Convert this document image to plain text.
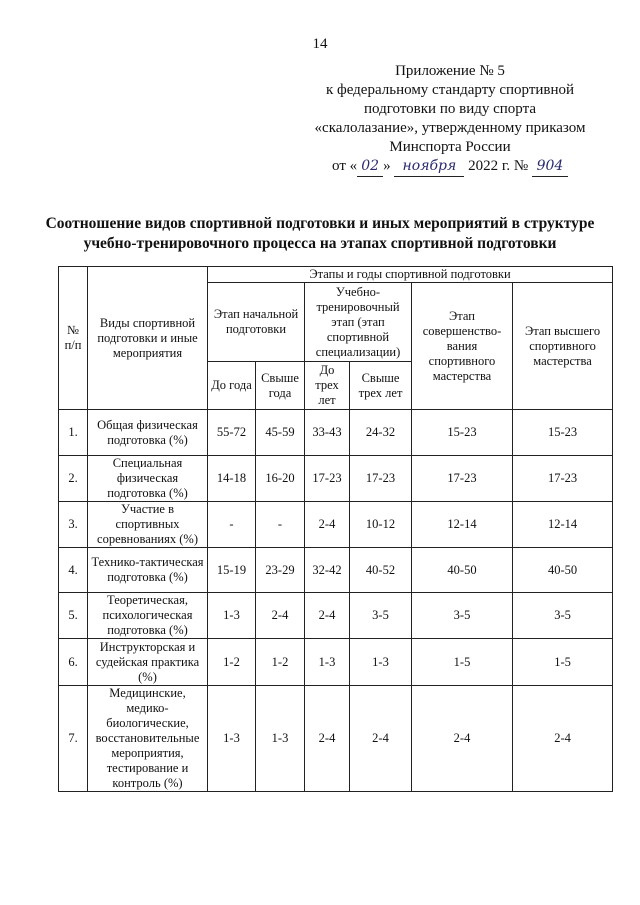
14
Приложение № 5
к федеральному стандарту спортивной
подготовки по виду спорта
«скалолазание», утвержденному приказом
Минспорта России
от « 02 » ноября 2022 г. № 904
Соотношение видов спортивной подготовки и иных мероприятий в структуре
учебно-тренировочного процесса на этапах спортивной подготовки
№ п/п	Виды спортивной подготовки и иные мероприятия	Этапы и годы спортивной подготовки					
		Этап начальной подготовки		Учебно-тренировочный этап (этап спортивной специализации)		Этап совершенство-вания спортивного мастерства	Этап высшего спортивного мастерства
		До года	Свыше года	До трех лет	Свыше трех лет		
1.	Общая физическая подготовка (%)	55-72	45-59	33-43	24-32	15-23	15-23
2.	Специальная физическая подготовка (%)	14-18	16-20	17-23	17-23	17-23	17-23
3.	Участие в спортивных соревнованиях (%)	-	-	2-4	10-12	12-14	12-14
4.	Технико-тактическая подготовка (%)	15-19	23-29	32-42	40-52	40-50	40-50
5.	Теоретическая, психологическая подготовка (%)	1-3	2-4	2-4	3-5	3-5	3-5
6.	Инструкторская и судейская практика (%)	1-2	1-2	1-3	1-3	1-5	1-5
7.	Медицинские, медико-биологические, восстановительные мероприятия, тестирование и контроль (%)	1-3	1-3	2-4	2-4	2-4	2-4
